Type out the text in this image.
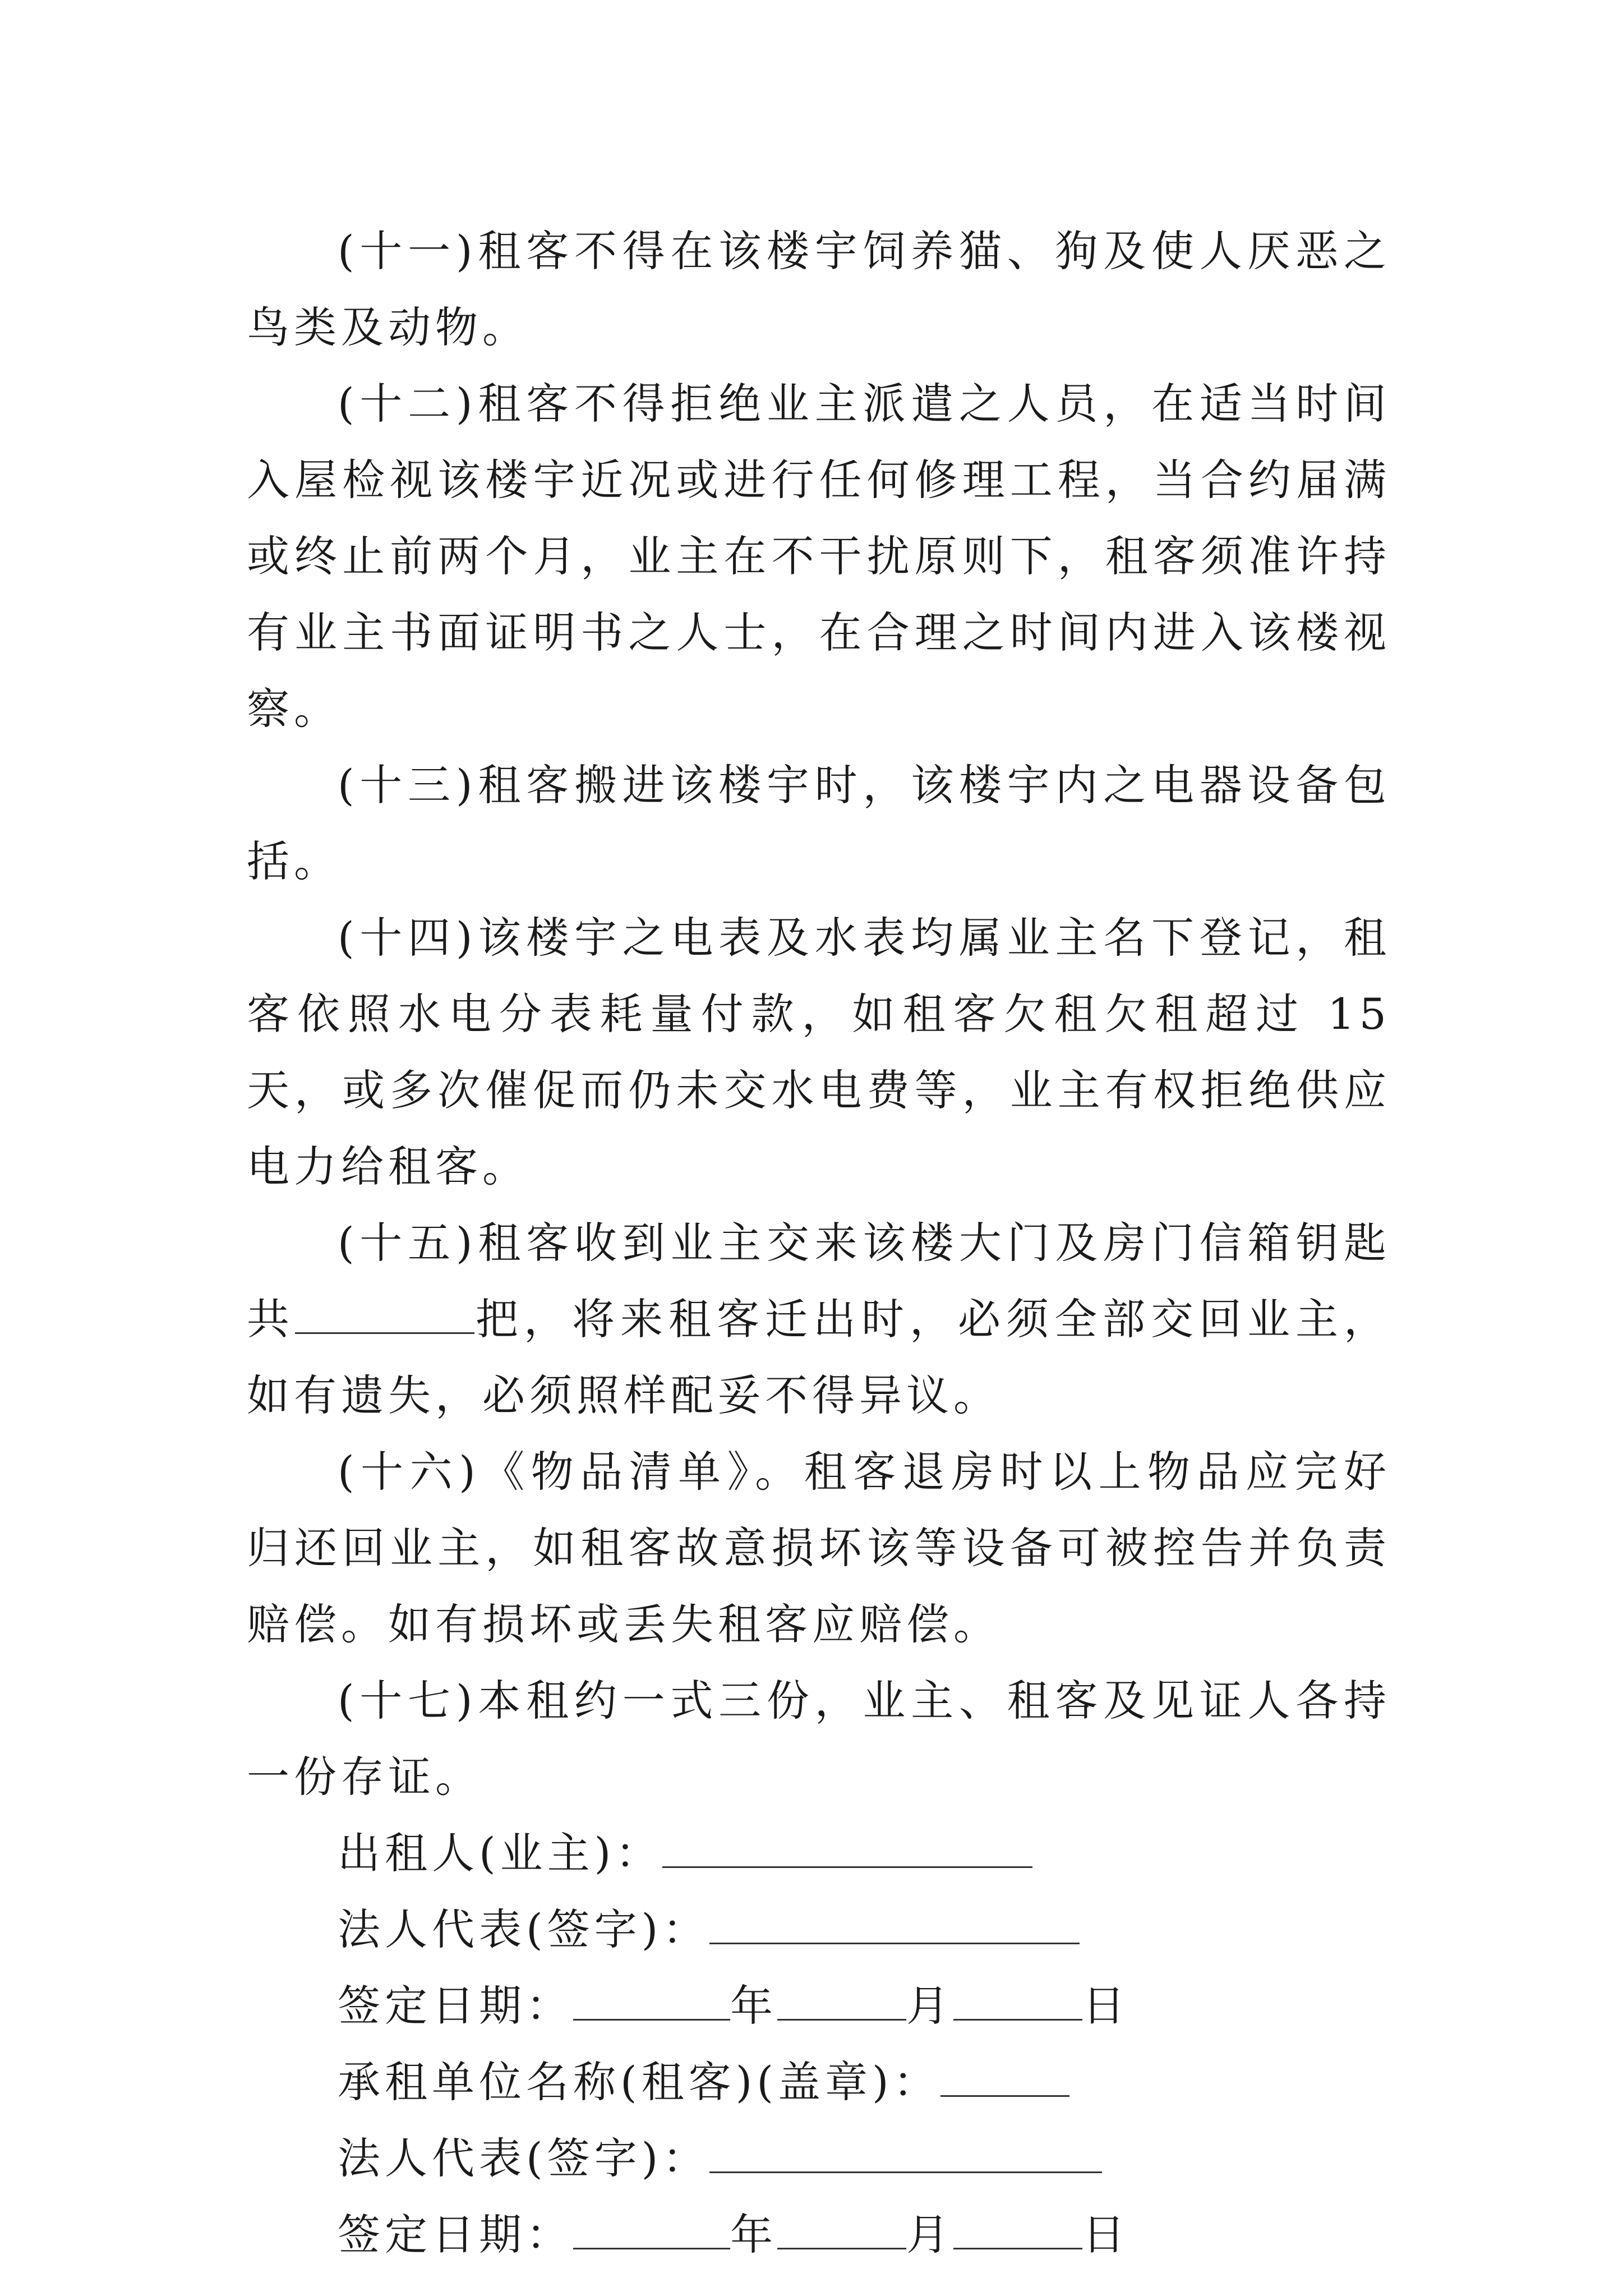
(十一)租客不得在该楼宇饲养猫、狗及使人厌恶之鸟类及动物。

(十二)租客不得拒绝业主派遣之人员，在适当时间入屋检视该楼宇近况或进行任何修理工程，当合约届满或终止前两个月，业主在不干扰原则下，租客须准许持有业主书面证明书之人士，在合理之时间内进入该楼视察。

(十三)租客搬进该楼宇时，该楼宇内之电器设备包括。

(十四)该楼宇之电表及水表均属业主名下登记，租客依照水电分表耗量付款，如租客欠租欠租超过 15 天，或多次催促而仍未交水电费等，业主有权拒绝供应电力给租客。

(十五)租客收到业主交来该楼大门及房门信箱钥匙共	把，将来租客迁出时，必须全部交回业主，如有遗失，必须照样配妥不得异议。

(十六)《物品清单》。租客退房时以上物品应完好归还回业主，如租客故意损坏该等设备可被控告并负责赔偿。如有损坏或丢失租客应赔偿。

(十七)本租约一式三份，业主、租客及见证人各持一份存证。

出租人(业主)：

法人代表(签字)：

签定日期：	年	月	日

承租单位名称(租客)(盖章)：

法人代表(签字)：

签定日期：	年	月	日
